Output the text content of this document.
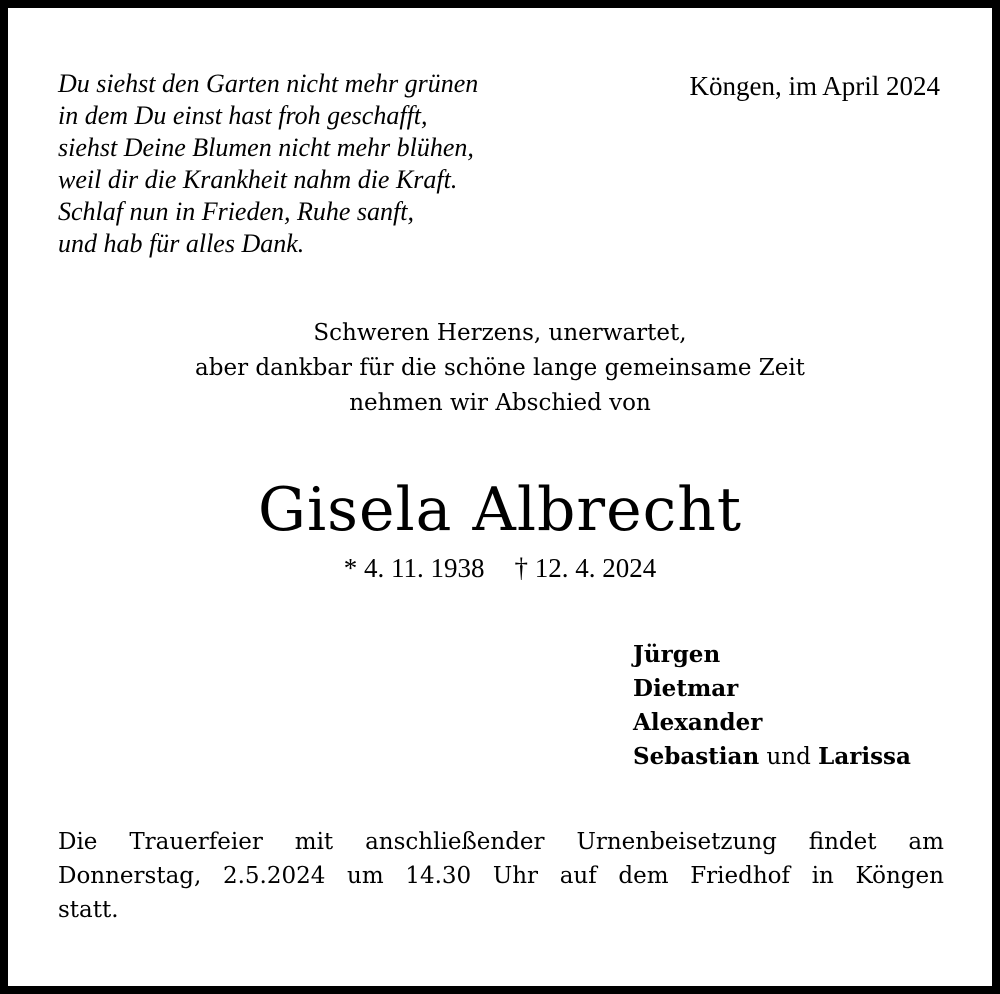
Du siehst den Garten nicht mehr grünen
in dem Du einst hast froh geschafft,
siehst Deine Blumen nicht mehr blühen,
weil dir die Krankheit nahm die Kraft.
Schlaf nun in Frieden, Ruhe sanft,
und hab für alles Dank.
Köngen, im April 2024
Schweren Herzens, unerwartet,
aber dankbar für die schöne lange gemeinsame Zeit
nehmen wir Abschied von
Gisela Albrecht
* 4. 11. 1938 † 12. 4. 2024
Jürgen
Dietmar
Alexander
Sebastian und Larissa
Die Trauerfeier mit anschließender Urnenbeisetzung findet am
Donnerstag, 2.5.2024 um 14.30 Uhr auf dem Friedhof in Köngen
statt.
